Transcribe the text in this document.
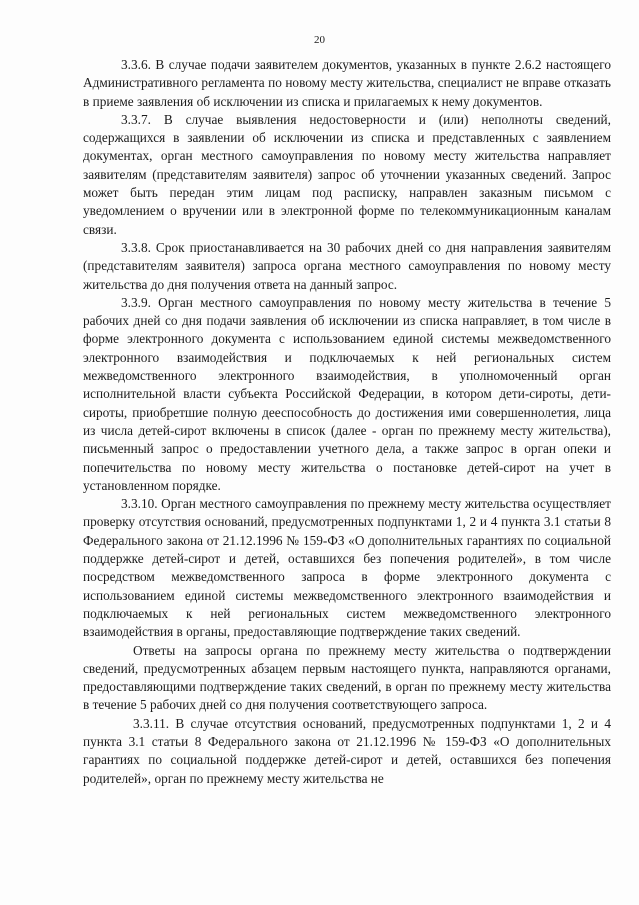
20

3.3.6. В случае подачи заявителем документов, указанных в пункте 2.6.2 настоящего Административного регламента по новому месту жительства, специалист не вправе отказать в приеме заявления об исключении из списка и прилагаемых к нему документов.

3.3.7. В случае выявления недостоверности и (или) неполноты сведений, содержащихся в заявлении об исключении из списка и представленных с заявлением документах, орган местного самоуправления по новому месту жительства направляет заявителям (представителям заявителя) запрос об уточнении указанных сведений. Запрос может быть передан этим лицам под расписку, направлен заказным письмом с уведомлением о вручении или в электронной форме по телекоммуникационным каналам связи.

3.3.8. Срок приостанавливается на 30 рабочих дней со дня направления заявителям (представителям заявителя) запроса органа местного самоуправления по новому месту жительства до дня получения ответа на данный запрос.

3.3.9. Орган местного самоуправления по новому месту жительства в течение 5 рабочих дней со дня подачи заявления об исключении из списка направляет, в том числе в форме электронного документа с использованием единой системы межведомственного электронного взаимодействия и подключаемых к ней региональных систем межведомственного электронного взаимодействия, в уполномоченный орган исполнительной власти субъекта Российской Федерации, в котором дети-сироты, дети-сироты, приобретшие полную дееспособность до достижения ими совершеннолетия, лица из числа детей-сирот включены в список (далее - орган по прежнему месту жительства), письменный запрос о предоставлении учетного дела, а также запрос в орган опеки и попечительства по новому месту жительства о постановке детей-сирот на учет в установленном порядке.

3.3.10. Орган местного самоуправления по прежнему месту жительства осуществляет проверку отсутствия оснований, предусмотренных подпунктами 1, 2 и 4 пункта 3.1 статьи 8 Федерального закона от 21.12.1996 № 159-ФЗ «О дополнительных гарантиях по социальной поддержке детей-сирот и детей, оставшихся без попечения родителей», в том числе посредством межведомственного запроса в форме электронного документа с использованием единой системы межведомственного электронного взаимодействия и подключаемых к ней региональных систем межведомственного электронного взаимодействия в органы, предоставляющие подтверждение таких сведений.

Ответы на запросы органа по прежнему месту жительства о подтверждении сведений, предусмотренных абзацем первым настоящего пункта, направляются органами, предоставляющими подтверждение таких сведений, в орган по прежнему месту жительства в течение 5 рабочих дней со дня получения соответствующего запроса.

3.3.11. В случае отсутствия оснований, предусмотренных подпунктами 1, 2 и 4 пункта 3.1 статьи 8 Федерального закона от 21.12.1996 № 159-ФЗ «О дополнительных гарантиях по социальной поддержке детей-сирот и детей, оставшихся без попечения родителей», орган по прежнему месту жительства не
